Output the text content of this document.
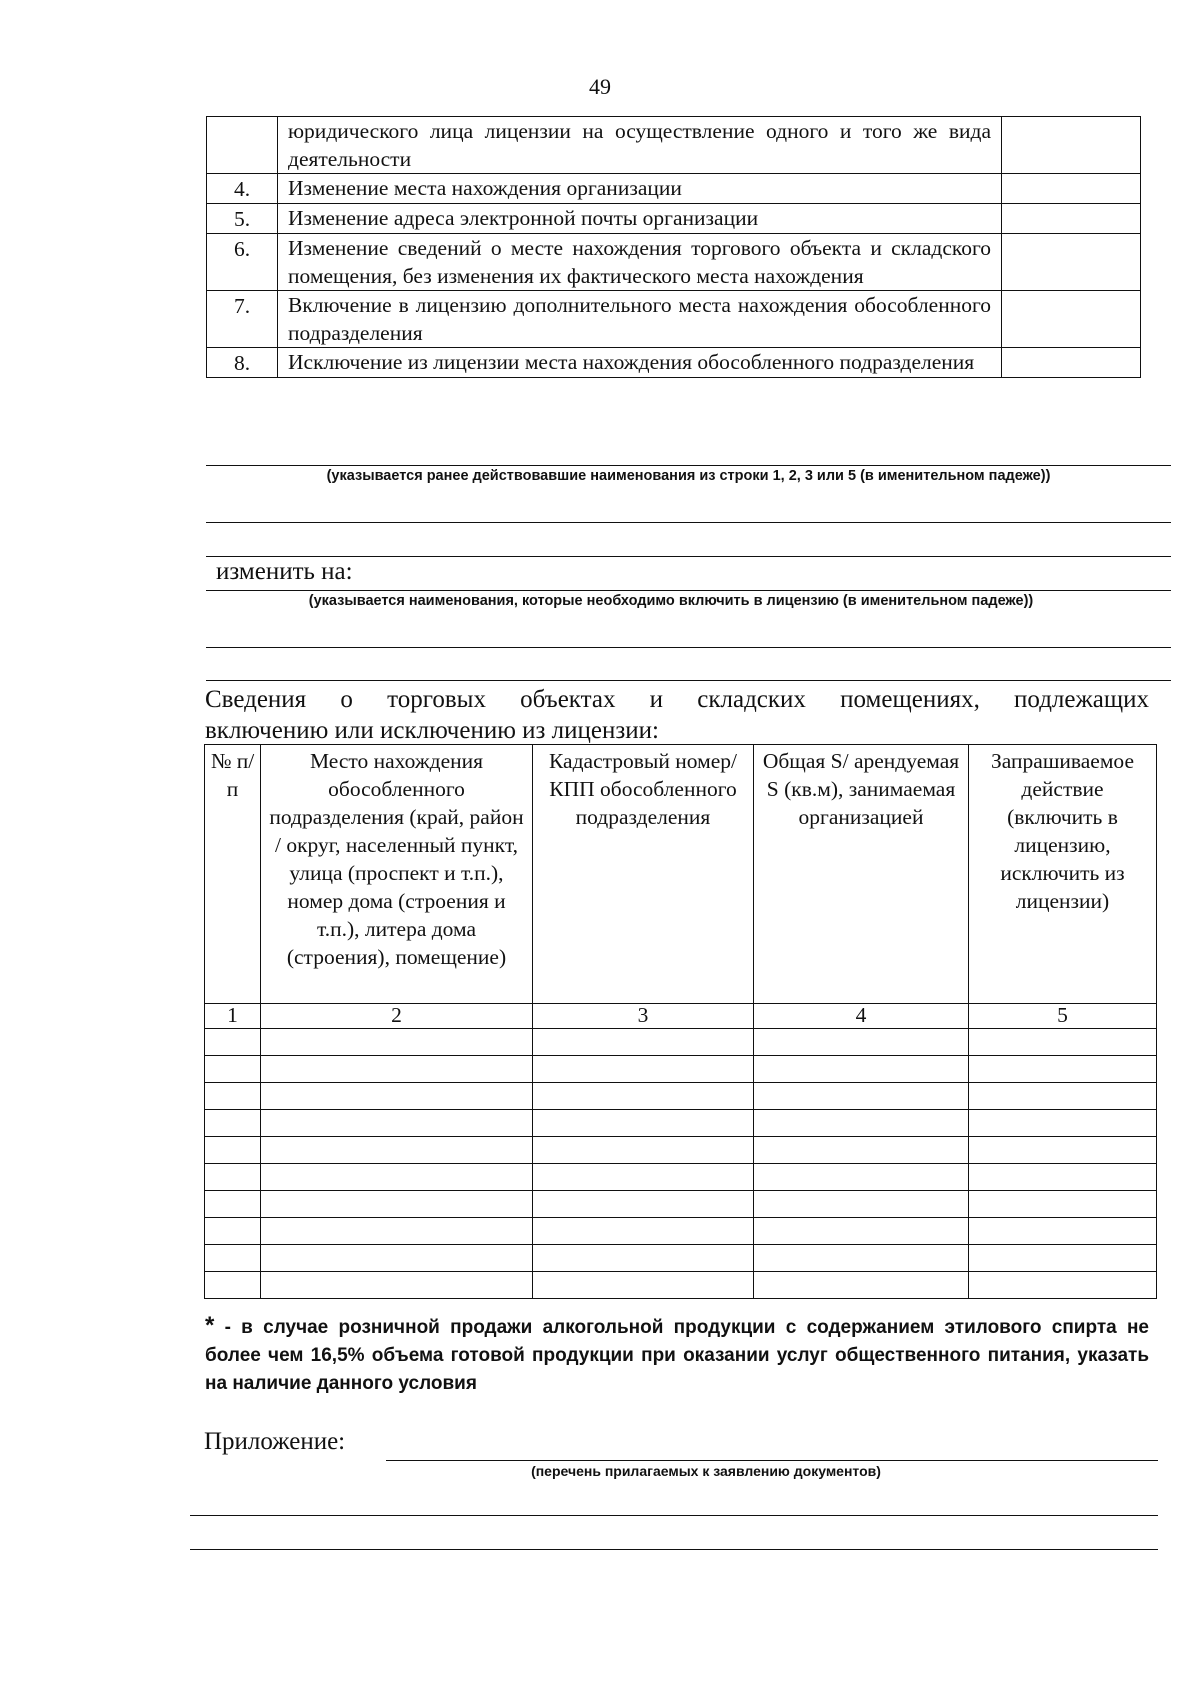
49
	юридического лица лицензии на осуществление одного и того же вида деятельности	
4.	Изменение места нахождения организации	
5.	Изменение адреса электронной почты организации	
6.	Изменение сведений о месте нахождения торгового объекта и складского помещения, без изменения их фактического места нахождения	
7.	Включение в лицензию дополнительного места нахождения обособленного подразделения	
8.	Исключение из лицензии места нахождения обособленного подразделения	
(указывается ранее действовавшие наименования из строки 1, 2, 3 или 5 (в именительном падеже))
изменить на:
(указывается наименования, которые необходимо включить в лицензию (в именительном падеже))
Сведения о торговых объектах и складских помещениях, подлежащих
включению или исключению из лицензии:
№ п/п	Место нахождения обособленного подразделения (край, район / округ, населенный пункт, улица (проспект и т.п.), номер дома (строения и т.п.), литера дома (строения), помещение)	Кадастровый номер/КПП обособленного подразделения	Общая S/ арендуемая S (кв.м), занимаемая организацией	Запрашиваемое действие (включить в лицензию, исключить из лицензии)
1	2	3	4	5

* - в случае розничной продажи алкогольной продукции с содержанием этилового спирта не более чем 16,5% объема готовой продукции при оказании услуг общественного питания, указать на наличие данного условия
Приложение:
(перечень прилагаемых к заявлению документов)
